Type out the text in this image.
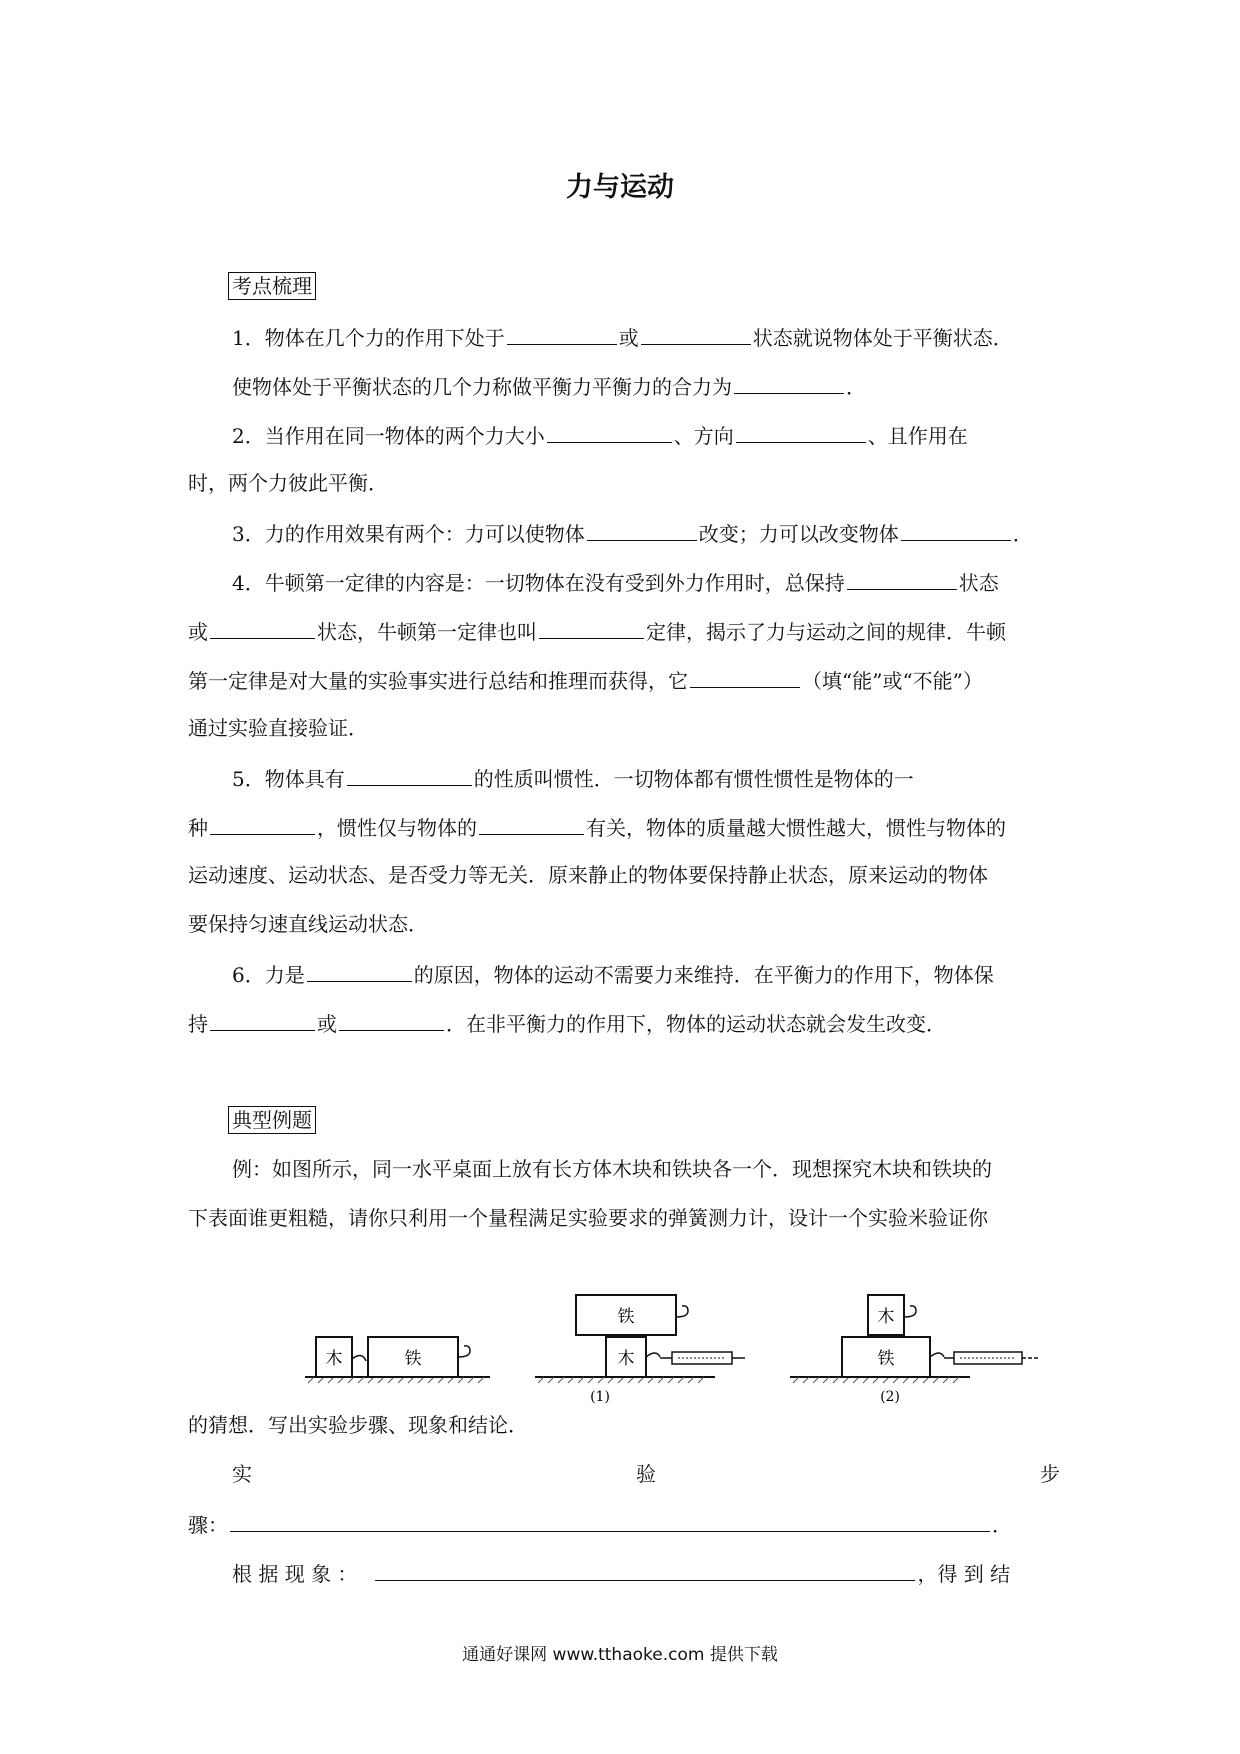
力与运动
考点梳理
1．物体在几个力的作用下处于	或	状态就说物体处于平衡状态．
使物体处于平衡状态的几个力称做平衡力平衡力的合力为	．
2．当作用在同一物体的两个力大小	、方向	、且作用在
时，两个力彼此平衡．
3．力的作用效果有两个：力可以使物体	改变；力可以改变物体	．
4．牛顿第一定律的内容是：一切物体在没有受到外力作用时，总保持	状态
或	状态，牛顿第一定律也叫	定律，揭示了力与运动之间的规律．牛顿
第一定律是对大量的实验事实进行总结和推理而获得，它	（填“能”或“不能”）
通过实验直接验证．
5．物体具有	的性质叫惯性．一切物体都有惯性惯性是物体的一
种	，惯性仅与物体的	有关，物体的质量越大惯性越大，惯性与物体的
运动速度、运动状态、是否受力等无关．原来静止的物体要保持静止状态，原来运动的物体
要保持匀速直线运动状态．
6．力是	的原因，物体的运动不需要力来维持．在平衡力的作用下，物体保
持	或	．在非平衡力的作用下，物体的运动状态就会发生改变．
典型例题
例：如图所示，同一水平桌面上放有长方体木块和铁块各一个．现想探究木块和铁块的
下表面谁更粗糙，请你只利用一个量程满足实验要求的弹簧测力计，设计一个实验米验证你
木	铁
铁
木
(1)
木
铁
(2)
的猜想．写出实验步骤、现象和结论．
实	验	步
骤：	．
根 据 现 象 ：	，得 到 结
通通好课网 www.tthaoke.com 提供下载
